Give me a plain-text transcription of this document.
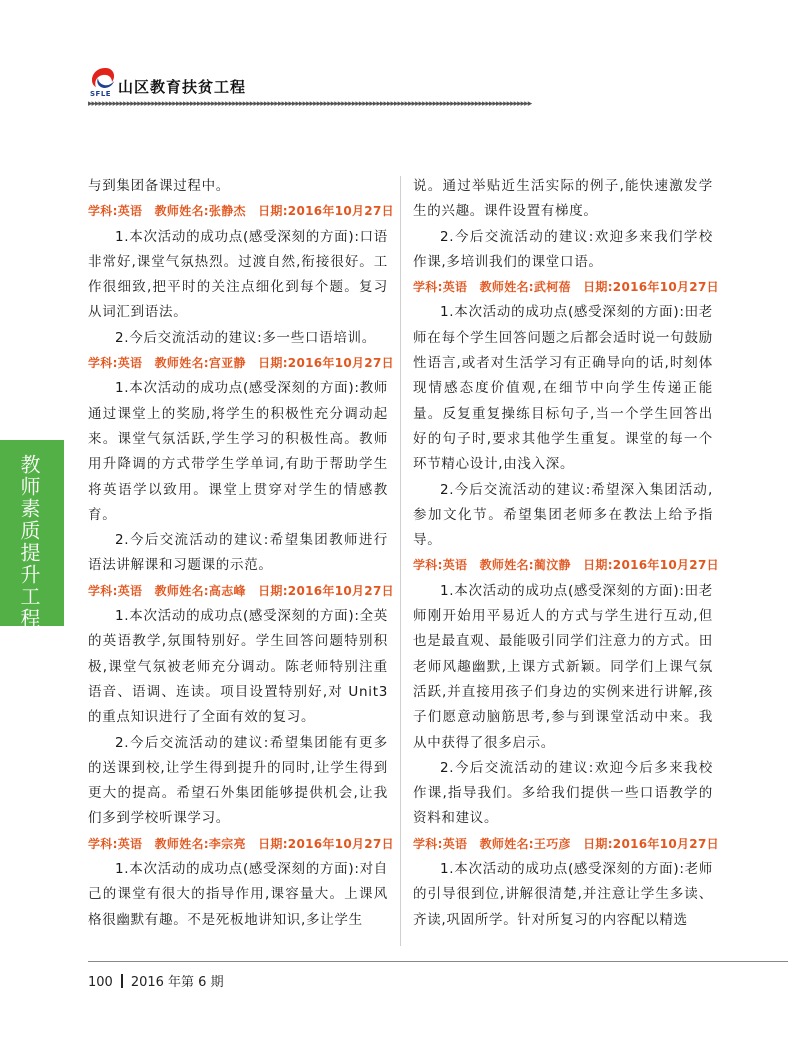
SFLE 山区教育扶贫工程
▸▸▸▸▸▸▸▸▸▸▸▸▸▸▸▸▸▸▸▸▸▸▸▸▸▸▸▸▸▸▸▸▸▸▸▸▸▸▸▸▸▸▸▸▸▸▸▸▸▸▸▸▸▸▸▸▸▸▸▸▸▸▸▸▸▸▸▸▸▸▸▸▸▸▸▸▸▸▸▸▸▸▸▸▸▸▸▸▸▸▸▸▸▸▸▸▸▸▸▸▸▸▸▸▸▸▸▸▸▸▸▸▸▸▸▸▸▸▸▸▸▸▸▸▸▸
教师素质提升工程

与到集团备课过程中。

学科:英语　教师姓名:张静杰　日期:2016年10月27日

1.本次活动的成功点(感受深刻的方面):口语非常好,课堂气氛热烈。过渡自然,衔接很好。工作很细致,把平时的关注点细化到每个题。复习从词汇到语法。

2.今后交流活动的建议:多一些口语培训。

学科:英语　教师姓名:宫亚静　日期:2016年10月27日

1.本次活动的成功点(感受深刻的方面):教师通过课堂上的奖励,将学生的积极性充分调动起来。课堂气氛活跃,学生学习的积极性高。教师用升降调的方式带学生学单词,有助于帮助学生将英语学以致用。课堂上贯穿对学生的情感教育。

2.今后交流活动的建议:希望集团教师进行语法讲解课和习题课的示范。

学科:英语　教师姓名:高志峰　日期:2016年10月27日

1.本次活动的成功点(感受深刻的方面):全英的英语教学,氛围特别好。学生回答问题特别积极,课堂气氛被老师充分调动。陈老师特别注重语音、语调、连读。项目设置特别好,对 Unit3 的重点知识进行了全面有效的复习。

2.今后交流活动的建议:希望集团能有更多的送课到校,让学生得到提升的同时,让学生得到更大的提高。希望石外集团能够提供机会,让我们多到学校听课学习。

学科:英语　教师姓名:李宗亮　日期:2016年10月27日

1.本次活动的成功点(感受深刻的方面):对自己的课堂有很大的指导作用,课容量大。上课风格很幽默有趣。不是死板地讲知识,多让学生

说。通过举贴近生活实际的例子,能快速激发学生的兴趣。课件设置有梯度。

2.今后交流活动的建议:欢迎多来我们学校作课,多培训我们的课堂口语。

学科:英语　教师姓名:武柯蓓　日期:2016年10月27日

1.本次活动的成功点(感受深刻的方面):田老师在每个学生回答问题之后都会适时说一句鼓励性语言,或者对生活学习有正确导向的话,时刻体现情感态度价值观,在细节中向学生传递正能量。反复重复操练目标句子,当一个学生回答出好的句子时,要求其他学生重复。课堂的每一个环节精心设计,由浅入深。

2.今后交流活动的建议:希望深入集团活动,参加文化节。希望集团老师多在教法上给予指导。

学科:英语　教师姓名:蔺汶静　日期:2016年10月27日

1.本次活动的成功点(感受深刻的方面):田老师刚开始用平易近人的方式与学生进行互动,但也是最直观、最能吸引同学们注意力的方式。田老师风趣幽默,上课方式新颖。同学们上课气氛活跃,并直接用孩子们身边的实例来进行讲解,孩子们愿意动脑筋思考,参与到课堂活动中来。我从中获得了很多启示。

2.今后交流活动的建议:欢迎今后多来我校作课,指导我们。多给我们提供一些口语教学的资料和建议。

学科:英语　教师姓名:王巧彦　日期:2016年10月27日

1.本次活动的成功点(感受深刻的方面):老师的引导很到位,讲解很清楚,并注意让学生多读、齐读,巩固所学。针对所复习的内容配以精选

100 2016 年第 6 期
